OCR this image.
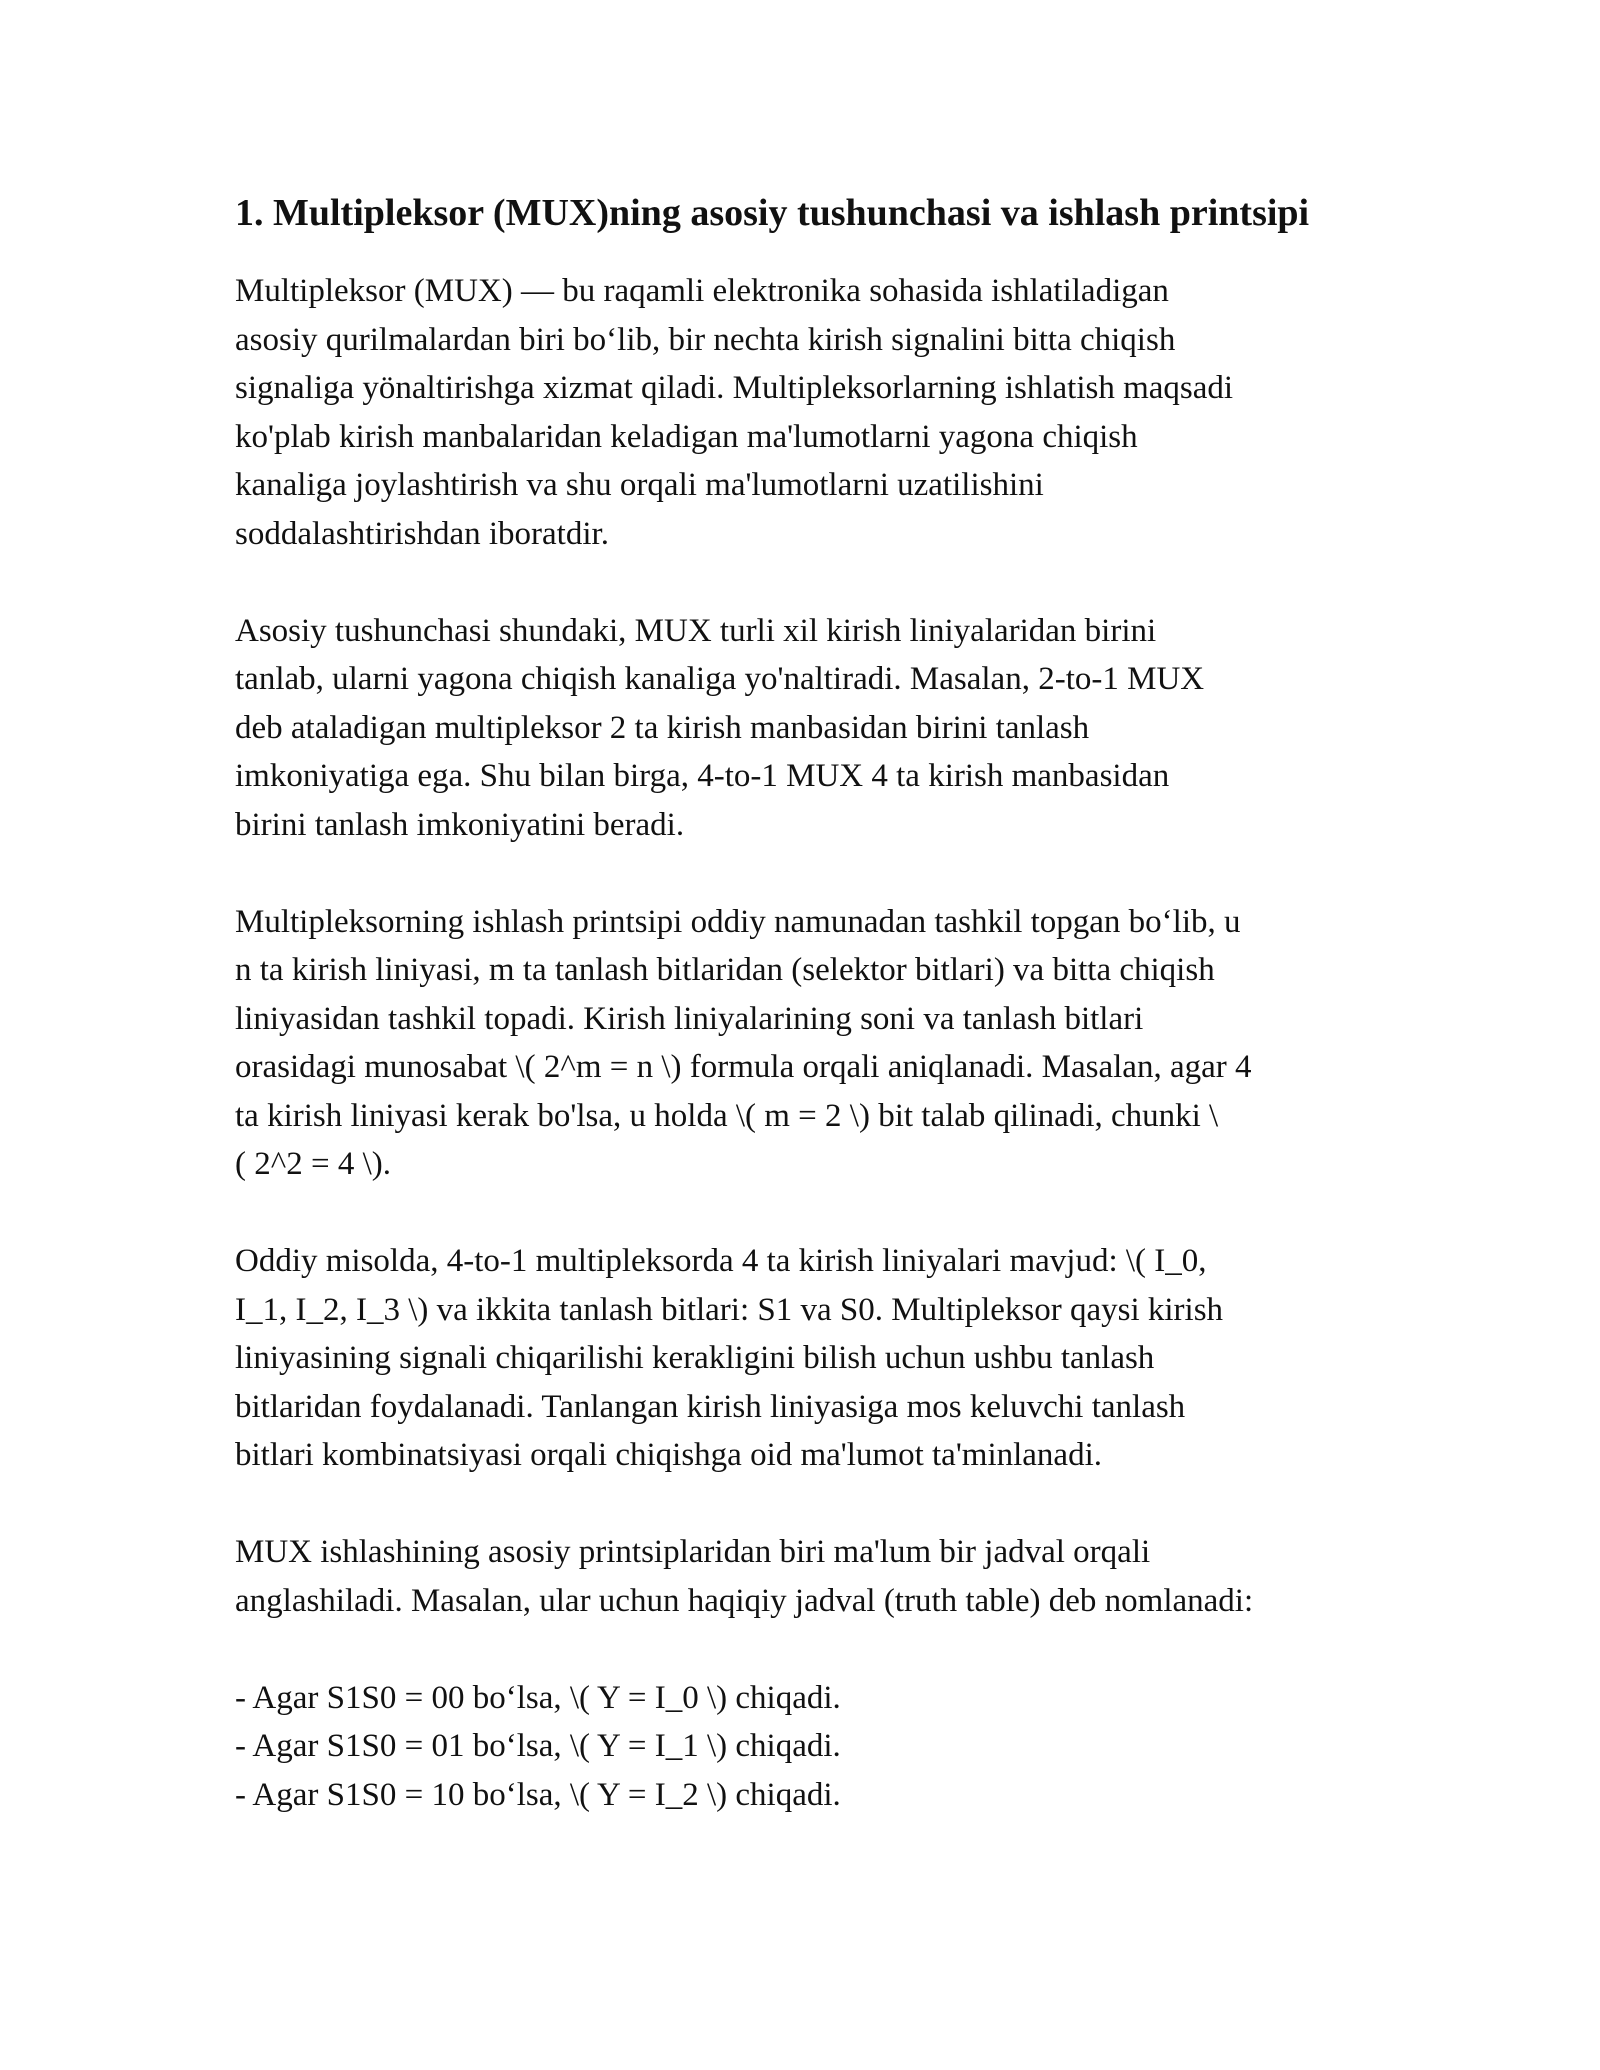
1. Multipleksor (MUX)ning asosiy tushunchasi va ishlash printsipi

Multipleksor (MUX) — bu raqamli elektronika sohasida ishlatiladigan
asosiy qurilmalardan biri bo‘lib, bir nechta kirish signalini bitta chiqish
signaliga yönaltirishga xizmat qiladi. Multipleksorlarning ishlatish maqsadi
ko'plab kirish manbalaridan keladigan ma'lumotlarni yagona chiqish
kanaliga joylashtirish va shu orqali ma'lumotlarni uzatilishini
soddalashtirishdan iboratdir.

Asosiy tushunchasi shundaki, MUX turli xil kirish liniyalaridan birini
tanlab, ularni yagona chiqish kanaliga yo'naltiradi. Masalan, 2-to-1 MUX
deb ataladigan multipleksor 2 ta kirish manbasidan birini tanlash
imkoniyatiga ega. Shu bilan birga, 4-to-1 MUX 4 ta kirish manbasidan
birini tanlash imkoniyatini beradi.

Multipleksorning ishlash printsipi oddiy namunadan tashkil topgan bo‘lib, u
n ta kirish liniyasi, m ta tanlash bitlaridan (selektor bitlari) va bitta chiqish
liniyasidan tashkil topadi. Kirish liniyalarining soni va tanlash bitlari
orasidagi munosabat \( 2^m = n \) formula orqali aniqlanadi. Masalan, agar 4
ta kirish liniyasi kerak bo'lsa, u holda \( m = 2 \) bit talab qilinadi, chunki \
( 2^2 = 4 \).

Oddiy misolda, 4-to-1 multipleksorda 4 ta kirish liniyalari mavjud: \( I_0,
I_1, I_2, I_3 \) va ikkita tanlash bitlari: S1 va S0. Multipleksor qaysi kirish
liniyasining signali chiqarilishi kerakligini bilish uchun ushbu tanlash
bitlaridan foydalanadi. Tanlangan kirish liniyasiga mos keluvchi tanlash
bitlari kombinatsiyasi orqali chiqishga oid ma'lumot ta'minlanadi.

MUX ishlashining asosiy printsiplaridan biri ma'lum bir jadval orqali
anglashiladi. Masalan, ular uchun haqiqiy jadval (truth table) deb nomlanadi:

- Agar S1S0 = 00 bo‘lsa, \( Y = I_0 \) chiqadi.
- Agar S1S0 = 01 bo‘lsa, \( Y = I_1 \) chiqadi.
- Agar S1S0 = 10 bo‘lsa, \( Y = I_2 \) chiqadi.
